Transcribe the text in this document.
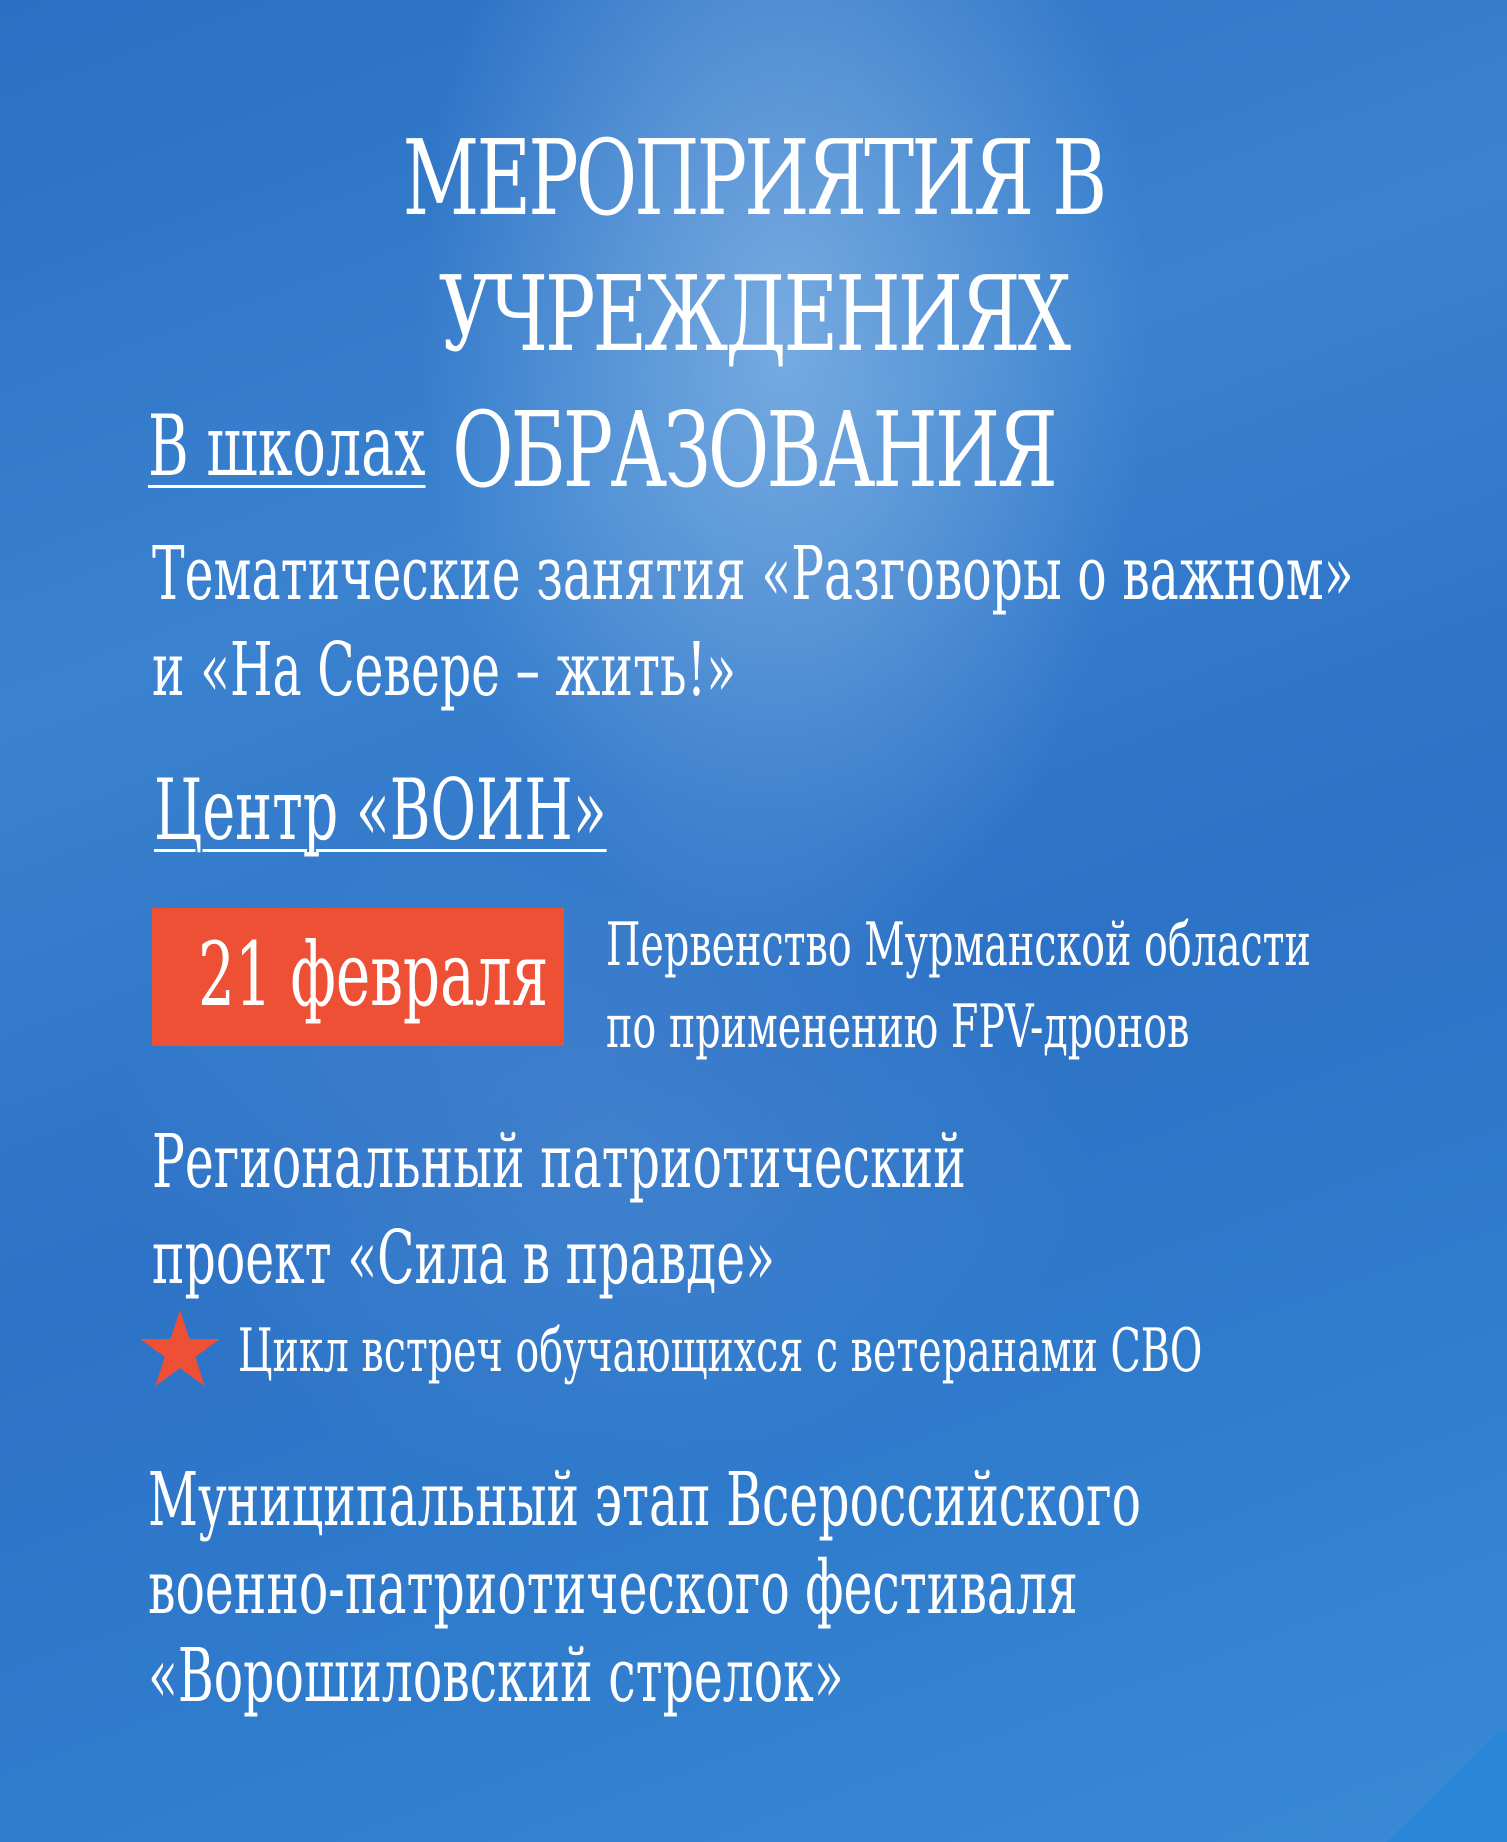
МЕРОПРИЯТИЯ В УЧРЕЖДЕНИЯХ
ОБРАЗОВАНИЯ
В школах
Тематические занятия «Разговоры о важном»
и «На Севере – жить!»
Центр «ВОИН»
21 февраля Первенство Мурманской области
по применению FPV-дронов
Региональный патриотический
проект «Сила в правде»
Цикл встреч обучающихся с ветеранами СВО
Муниципальный этап Всероссийского
военно-патриотического фестиваля
«Ворошиловский стрелок»
